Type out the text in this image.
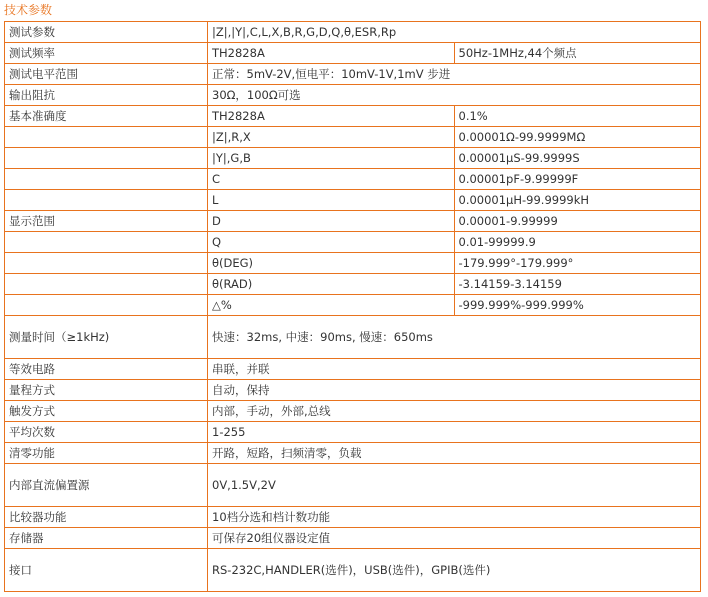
技术参数
测试参数	|Z|,|Y|,C,L,X,B,R,G,D,Q,θ,ESR,Rp	
测试频率	TH2828A	50Hz-1MHz,44个频点
测试电平范围	正常：5mV-2V,恒电平：10mV-1V,1mV 步进	
输出阻抗	30Ω，100Ω可选	
基本准确度	TH2828A	0.1%
	|Z|,R,X	0.00001Ω-99.9999MΩ
	|Y|,G,B	0.00001μS-99.9999S
	C	0.00001pF-9.99999F
	L	0.00001μH-99.9999kH
显示范围	D	0.00001-9.99999
	Q	0.01-99999.9
	θ(DEG)	-179.999°-179.999°
	θ(RAD)	-3.14159-3.14159
	△%	-999.999%-999.999%
测量时间（≥1kHz)	快速：32ms, 中速：90ms, 慢速：650ms	
等效电路	串联，并联	
量程方式	自动，保持	
触发方式	内部，手动，外部,总线	
平均次数	1-255	
清零功能	开路，短路，扫频清零，负载	
内部直流偏置源	0V,1.5V,2V	
比较器功能	10档分选和档计数功能	
存储器	可保存20组仪器设定值	
接口	RS-232C,HANDLER(选件)，USB(选件)，GPIB(选件)	
